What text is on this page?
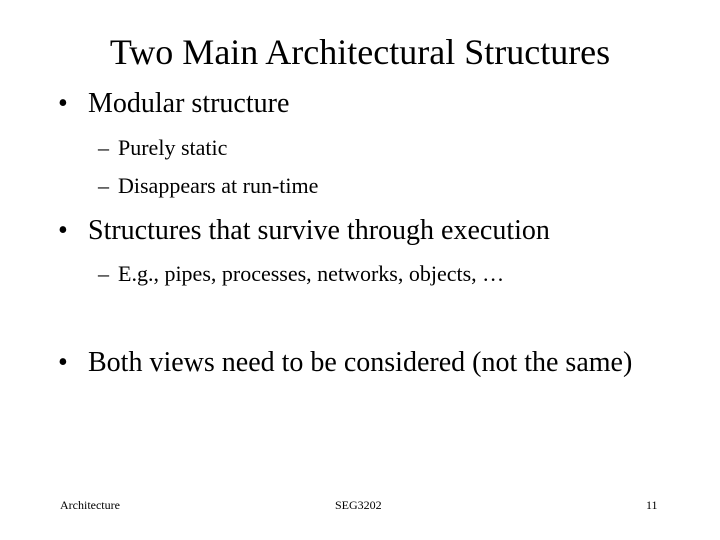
Two Main Architectural Structures
• Modular structure
– Purely static
– Disappears at run-time
• Structures that survive through execution
– E.g., pipes, processes, networks, objects, …
• Both views need to be considered (not the same)
Architecture	SEG3202	11
